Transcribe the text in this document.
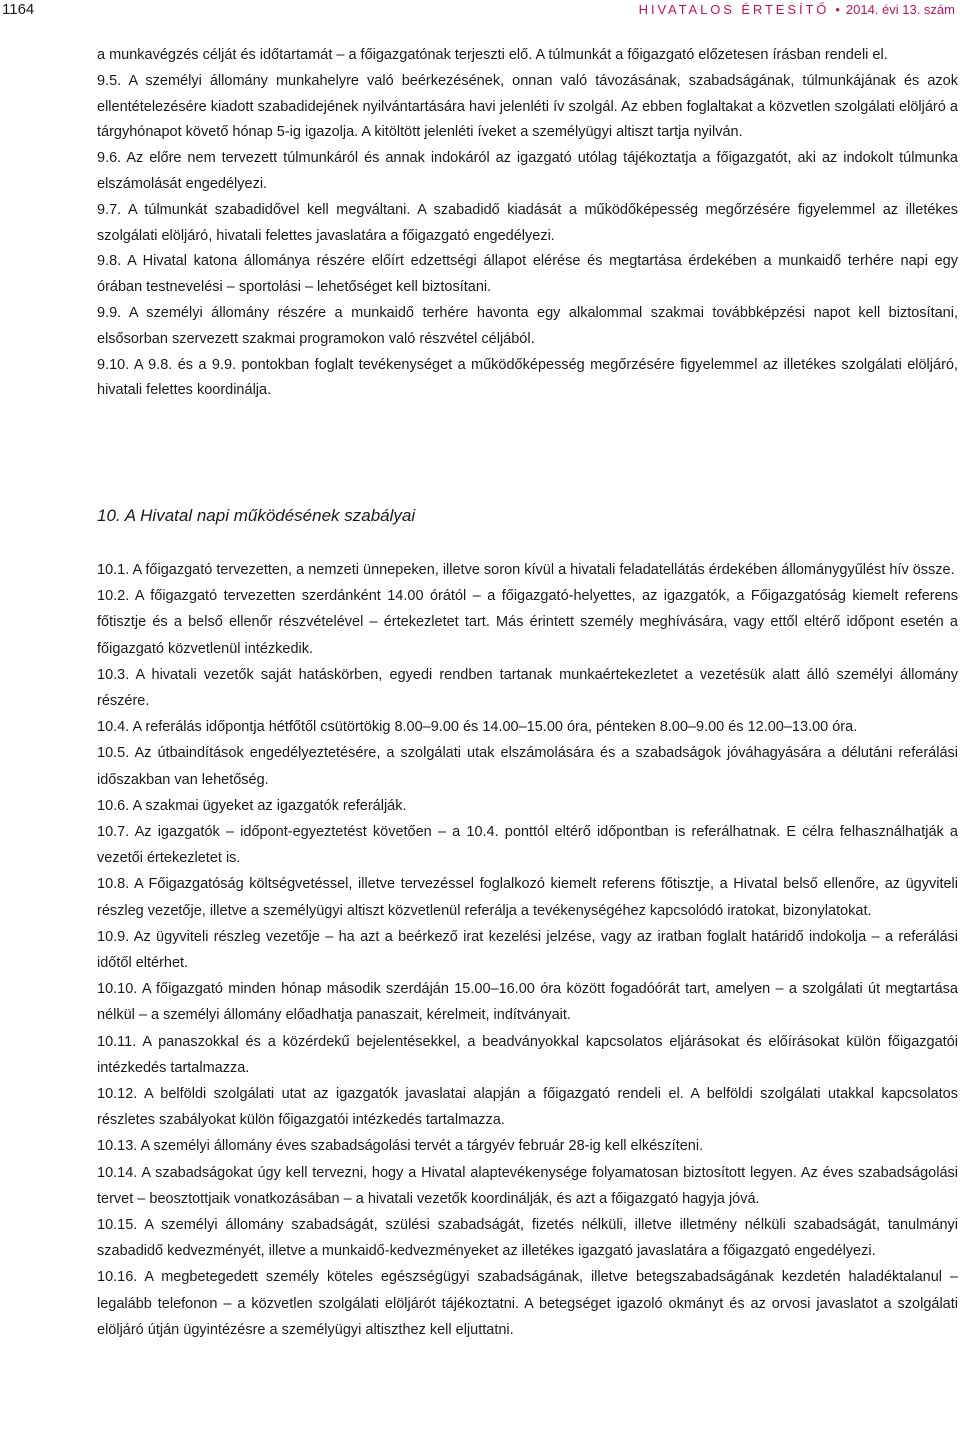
1164	HIVATALOS ÉRTESÍTŐ • 2014. évi 13. szám

a munkavégzés célját és időtartamát – a főigazgatónak terjeszti elő. A túlmunkát a főigazgató előzetesen írásban rendeli el.

9.5. A személyi állomány munkahelyre való beérkezésének, onnan való távozásának, szabadságának, túlmunkájának és azok ellentételezésére kiadott szabadidejének nyilvántartására havi jelenléti ív szolgál. Az ebben foglaltakat a közvetlen szolgálati elöljáró a tárgyhónapot követő hónap 5-ig igazolja. A kitöltött jelenléti íveket a személyügyi altiszt tartja nyilván.

9.6. Az előre nem tervezett túlmunkáról és annak indokáról az igazgató utólag tájékoztatja a főigazgatót, aki az indokolt túlmunka elszámolását engedélyezi.

9.7. A túlmunkát szabadidővel kell megváltani. A szabadidő kiadását a működőképesség megőrzésére figyelemmel az illetékes szolgálati elöljáró, hivatali felettes javaslatára a főigazgató engedélyezi.

9.8. A Hivatal katona állománya részére előírt edzettségi állapot elérése és megtartása érdekében a munkaidő terhére napi egy órában testnevelési – sportolási – lehetőséget kell biztosítani.

9.9. A személyi állomány részére a munkaidő terhére havonta egy alkalommal szakmai továbbképzési napot kell biztosítani, elsősorban szervezett szakmai programokon való részvétel céljából.

9.10. A 9.8. és a 9.9. pontokban foglalt tevékenységet a működőképesség megőrzésére figyelemmel az illetékes szolgálati elöljáró, hivatali felettes koordinálja.

10. A Hivatal napi működésének szabályai

10.1. A főigazgató tervezetten, a nemzeti ünnepeken, illetve soron kívül a hivatali feladatellátás érdekében állománygyűlést hív össze.

10.2. A főigazgató tervezetten szerdánként 14.00 órától – a főigazgató-helyettes, az igazgatók, a Főigazgatóság kiemelt referens főtisztje és a belső ellenőr részvételével – értekezletet tart. Más érintett személy meghívására, vagy ettől eltérő időpont esetén a főigazgató közvetlenül intézkedik.

10.3. A hivatali vezetők saját hatáskörben, egyedi rendben tartanak munkaértekezletet a vezetésük alatt álló személyi állomány részére.

10.4. A referálás időpontja hétfőtől csütörtökig 8.00–9.00 és 14.00–15.00 óra, pénteken 8.00–9.00 és 12.00–13.00 óra.

10.5. Az útbaindítások engedélyeztetésére, a szolgálati utak elszámolására és a szabadságok jóváhagyására a délutáni referálási időszakban van lehetőség.

10.6. A szakmai ügyeket az igazgatók referálják.

10.7. Az igazgatók – időpont-egyeztetést követően – a 10.4. ponttól eltérő időpontban is referálhatnak. E célra felhasználhatják a vezetői értekezletet is.

10.8. A Főigazgatóság költségvetéssel, illetve tervezéssel foglalkozó kiemelt referens főtisztje, a Hivatal belső ellenőre, az ügyviteli részleg vezetője, illetve a személyügyi altiszt közvetlenül referálja a tevékenységéhez kapcsolódó iratokat, bizonylatokat.

10.9. Az ügyviteli részleg vezetője – ha azt a beérkező irat kezelési jelzése, vagy az iratban foglalt határidő indokolja – a referálási időtől eltérhet.

10.10. A főigazgató minden hónap második szerdáján 15.00–16.00 óra között fogadóórát tart, amelyen – a szolgálati út megtartása nélkül – a személyi állomány előadhatja panaszait, kérelmeit, indítványait.

10.11. A panaszokkal és a közérdekű bejelentésekkel, a beadványokkal kapcsolatos eljárásokat és előírásokat külön főigazgatói intézkedés tartalmazza.

10.12. A belföldi szolgálati utat az igazgatók javaslatai alapján a főigazgató rendeli el. A belföldi szolgálati utakkal kapcsolatos részletes szabályokat külön főigazgatói intézkedés tartalmazza.

10.13. A személyi állomány éves szabadságolási tervét a tárgyév február 28-ig kell elkészíteni.

10.14. A szabadságokat úgy kell tervezni, hogy a Hivatal alaptevékenysége folyamatosan biztosított legyen. Az éves szabadságolási tervet – beosztottjaik vonatkozásában – a hivatali vezetők koordinálják, és azt a főigazgató hagyja jóvá.

10.15. A személyi állomány szabadságát, szülési szabadságát, fizetés nélküli, illetve illetmény nélküli szabadságát, tanulmányi szabadidő kedvezményét, illetve a munkaidő-kedvezményeket az illetékes igazgató javaslatára a főigazgató engedélyezi.

10.16. A megbetegedett személy köteles egészségügyi szabadságának, illetve betegszabadságának kezdetén haladéktalanul – legalább telefonon – a közvetlen szolgálati elöljárót tájékoztatni. A betegséget igazoló okmányt és az orvosi javaslatot a szolgálati elöljáró útján ügyintézésre a személyügyi altiszthez kell eljuttatni.
